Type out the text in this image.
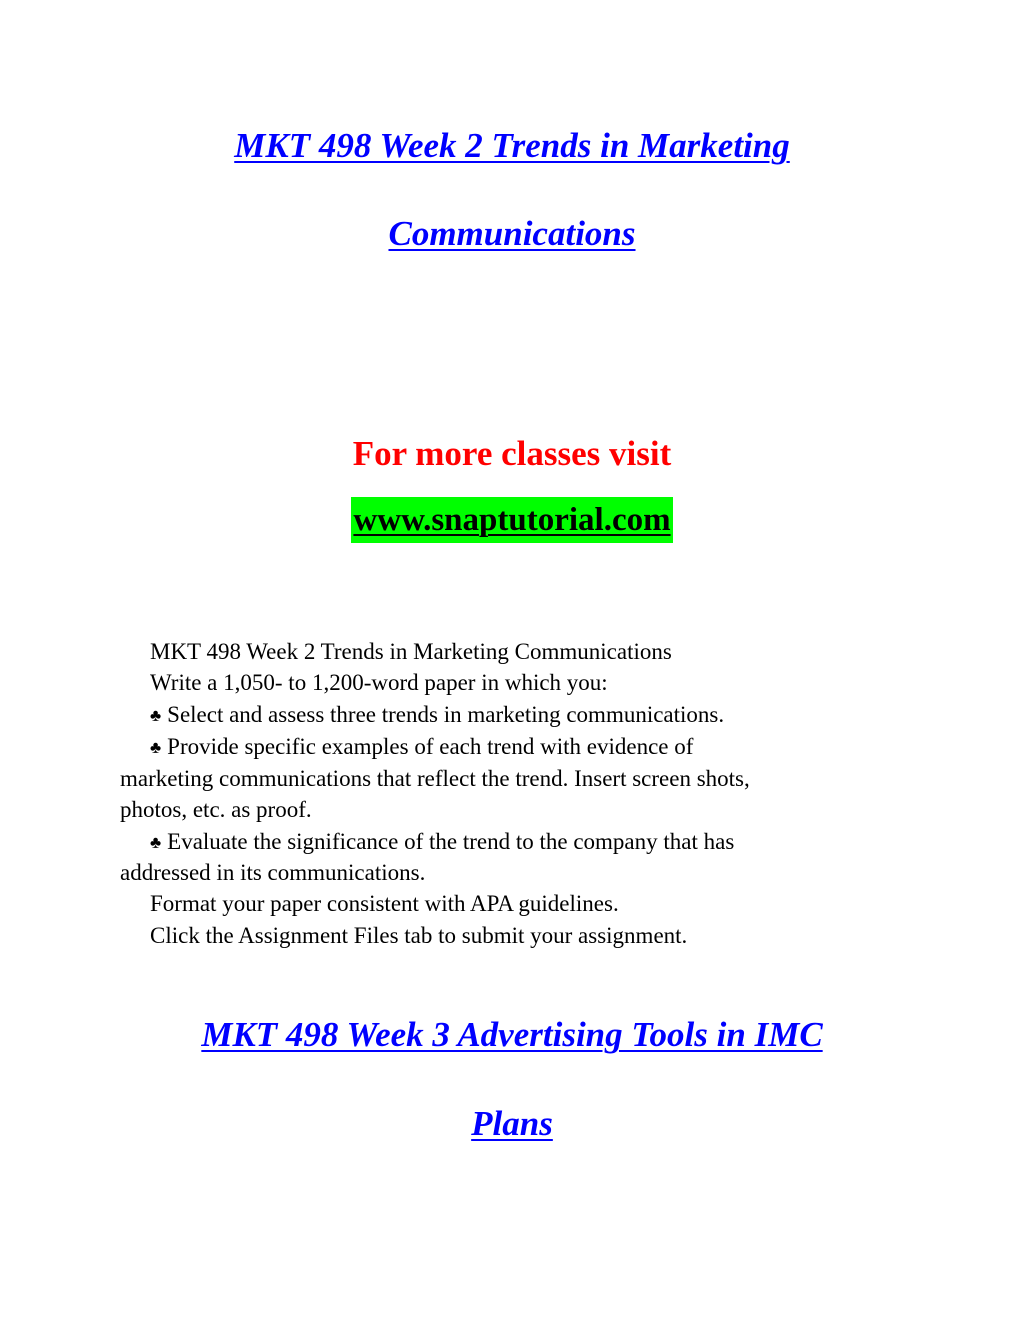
MKT 498 Week 2 Trends in Marketing
Communications
For more classes visit
www.snaptutorial.com
MKT 498 Week 2 Trends in Marketing Communications
Write a 1,050- to 1,200-word paper in which you:
♣ Select and assess three trends in marketing communications.
♣ Provide specific examples of each trend with evidence of
marketing communications that reflect the trend. Insert screen shots,
photos, etc. as proof.
♣ Evaluate the significance of the trend to the company that has
addressed in its communications.
Format your paper consistent with APA guidelines.
Click the Assignment Files tab to submit your assignment.
MKT 498 Week 3 Advertising Tools in IMC
Plans
